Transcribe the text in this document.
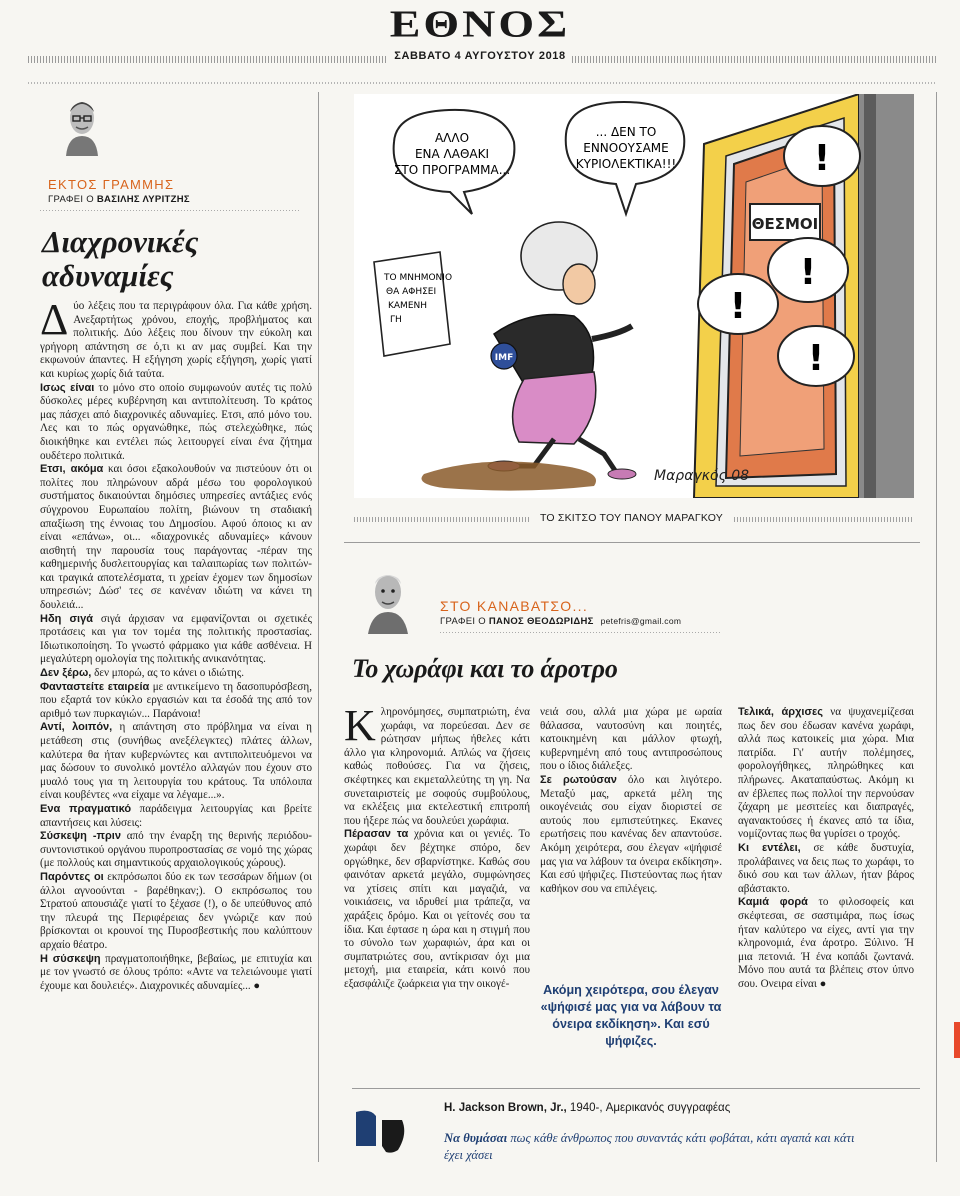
ΕΘΝΟΣ
ΣΑΒΒΑΤΟ 4 ΑΥΓΟΥΣΤΟΥ 2018
ΕΚΤΟΣ ΓΡΑΜΜΗΣ
ΓΡΑΦΕΙ Ο ΒΑΣΙΛΗΣ ΛΥΡΙΤΖΗΣ
Διαχρονικές αδυναμίες

Δύο λέξεις που τα περιγράφουν όλα. Για κάθε χρήση. Ανεξαρτήτως χρόνου, εποχής, προβλήματος και πολιτικής. Δύο λέξεις που δίνουν την εύκολη και γρήγορη απάντηση σε ό,τι κι αν μας συμβεί. Και την εκφωνούν άπαντες. Η εξήγηση χωρίς εξήγηση, χωρίς γιατί και κυρίως χωρίς διά ταύτα.

Ισως είναι το μόνο στο οποίο συμφωνούν αυτές τις πολύ δύσκολες μέρες κυβέρνηση και αντιπολίτευση. Το κράτος μας πάσχει από διαχρονικές αδυναμίες. Ετσι, από μόνο του. Λες και το πώς οργανώθηκε, πώς στελεχώθηκε, πώς διοικήθηκε και εντέλει πώς λειτουργεί είναι ένα ζήτημα ουδέτερο πολιτικά.

Ετσι, ακόμα και όσοι εξακολουθούν να πιστεύουν ότι οι πολίτες που πληρώνουν αδρά μέσω του φορολογικού συστήματος δικαιούνται δημόσιες υπηρεσίες αντάξιες ενός σύγχρονου Ευρωπαίου πολίτη, βιώνουν τη σταδιακή απαξίωση της έννοιας του Δημοσίου. Αφού όποιος κι αν είναι «επάνω», οι... «διαχρονικές αδυναμίες» κάνουν αισθητή την παρουσία τους παράγοντας -πέραν της καθημερινής δυσλειτουργίας και ταλαιπωρίας των πολιτών- και τραγικά αποτελέσματα, τι χρείαν έχομεν των δημοσίων υπηρεσιών; Δώσ' τες σε κανέναν ιδιώτη να κάνει τη δουλειά...

Ηδη σιγά σιγά άρχισαν να εμφανίζονται οι σχετικές προτάσεις και για τον τομέα της πολιτικής προστασίας. Ιδιωτικοποίηση. Το γνωστό φάρμακο για κάθε ασθένεια. Η μεγαλύτερη ομολογία της πολιτικής ανικανότητας.

Δεν ξέρω, δεν μπορώ, ας το κάνει ο ιδιώτης.

Φανταστείτε εταιρεία με αντικείμενο τη δασοπυρόσβεση, που εξαρτά τον κύκλο εργασιών και τα έσοδά της από τον αριθμό των πυρκαγιών... Παράνοια!

Αντί, λοιπόν, η απάντηση στο πρόβλημα να είναι η μετάθεση στις (συνήθως ανεξέλεγκτες) πλάτες άλλων, καλύτερα θα ήταν κυβερνώντες και αντιπολιτευόμενοι να μας δώσουν το συνολικό μοντέλο αλλαγών που έχουν στο μυαλό τους για τη λειτουργία του κράτους. Τα υπόλοιπα είναι κουβέντες «να είχαμε να λέγαμε...».

Ενα πραγματικό παράδειγμα λειτουργίας και βρείτε απαντήσεις και λύσεις:

Σύσκεψη -πριν από την έναρξη της θερινής περιόδου- συντονιστικού οργάνου πυροπροστασίας σε νομό της χώρας (με πολλούς και σημαντικούς αρχαιολογικούς χώρους).

Παρόντες οι εκπρόσωποι δύο εκ των τεσσάρων δήμων (οι άλλοι αγνοούνται - βαρέθηκαν;). Ο εκπρόσωπος του Στρατού απουσιάζε γιατί το ξέχασε (!), ο δε υπεύθυνος από την πλευρά της Περιφέρειας δεν γνώριζε καν πού βρίσκονται οι κρουνοί της Πυροσβεστικής που καλύπτουν αρχαίο θέατρο.

Η σύσκεψη πραγματοποιήθηκε, βεβαίως, με επιτυχία και με τον γνωστό σε όλους τρόπο: «Αντε να τελειώνουμε γιατί έχουμε και δουλειές». Διαχρονικές αδυναμίες... ●

ΘΕΣΜΟΙ
!
!
!
!
ΑΛΛΟ
ΕΝΑ ΛΑΘΑΚΙ
ΣΤΟ ΠΡΟΓΡΑΜΜΑ...
... ΔΕΝ ΤΟ
ΕΝΝΟΟΥΣΑΜΕ
ΚΥΡΙΟΛΕΚΤΙΚΑ!!!
ΤΟ ΜΝΗΜΟΝΙΟ
ΘΑ ΑΦΗΣΕΙ
ΚΑΜΕΝΗ
ΓΗ
IMF
Μαραγκός 08
ΤΟ ΣΚΙΤΣΟ ΤΟΥ ΠΑΝΟΥ ΜΑΡΑΓΚΟΥ
ΣΤΟ ΚΑΝΑΒΑΤΣΟ...
ΓΡΑΦΕΙ Ο ΠΑΝΟΣ ΘΕΟΔΩΡΙΔΗΣ petefris@gmail.com
Το χωράφι και το άροτρο

Κληρονόμησες, συμπατριώτη, ένα χωράφι, να πορεύεσαι. Δεν σε ρώτησαν μήπως ήθελες κάτι άλλο για κληρονομιά. Απλώς να ζήσεις καθώς ποθούσες. Για να ζήσεις, σκέφτηκες και εκμεταλλεύτης τη γη. Να συνεταιριστείς με σοφούς συμβούλους, να εκλέξεις μια εκτελεστική επιτροπή που ήξερε πώς να δουλεύει χωράφια.

Πέρασαν τα χρόνια και οι γενιές. Το χωράφι δεν βέχτηκε σπόρο, δεν οργώθηκε, δεν σβαρνίστηκε. Καθώς σου φαινόταν αρκετά μεγάλο, συμφώνησες να χτίσεις σπίτι και μαγαζιά, να νοικιάσεις, να ιδρυθεί μια τράπεζα, να χαράξεις δρόμο. Και οι γείτονές σου τα ίδια. Και έφτασε η ώρα και η στιγμή που το σύνολο των χωραφιών, άρα και οι συμπατριώτες σου, αντίκρισαν όχι μια μετοχή, μια εταιρεία, κάτι κοινό που εξασφάλιζε ζωάρκεια για την οικογέ-

νειά σου, αλλά μια χώρα με ωραία θάλασσα, ναυτοσύνη και ποιητές, κατοικημένη και μάλλον φτωχή, κυβερνημένη από τους αντιπροσώπους που ο ίδιος διάλεξες.

Σε ρωτούσαν όλο και λιγότερο. Μεταξύ μας, αρκετά μέλη της οικογένειάς σου είχαν διοριστεί σε αυτούς που εμπιστεύτηκες. Εκανες ερωτήσεις που κανένας δεν απαντούσε. Ακόμη χειρότερα, σου έλεγαν «ψήφισέ μας για να λάβουν τα όνειρα εκδίκηση». Και εσύ ψήφιζες. Πιστεύοντας πως ήταν καθήκον σου να επιλέγεις.

Ακόμη χειρότερα, σου έλεγαν «ψήφισέ μας για να λάβουν τα όνειρα εκδίκηση». Και εσύ ψήφιζες.

Τελικά, άρχισες να ψυχανεμίζεσαι πως δεν σου έδωσαν κανένα χωράφι, αλλά πως κατοικείς μια χώρα. Μια πατρίδα. Γι' αυτήν πολέμησες, φορολογήθηκες, πληρώθηκες και πλήρωνες. Ακαταπαύστως. Ακόμη κι αν έβλεπες πως πολλοί την περνούσαν ζάχαρη με μεσιτείες και διαπραγές, αγανακτούσες ή έκανες από τα ίδια, νομίζοντας πως θα γυρίσει ο τροχός.

Κι εντέλει, σε κάθε δυστυχία, προλάβαινες να δεις πως το χωράφι, το δικό σου και των άλλων, ήταν βάρος αβάστακτο.

Καμιά φορά το φιλοσοφείς και σκέφτεσαι, σε σαστιμάρα, πως ίσως ήταν καλύτερο να είχες, αντί για την κληρονομιά, ένα άροτρο. Ξύλινο. Ή μια πετονιά. Ή ένα κοπάδι ζωντανά. Μόνο που αυτά τα βλέπεις στον ύπνο σου. Ονειρα είναι ●

H. Jackson Brown, Jr., 1940-, Αμερικανός συγγραφέας
Να θυμάσαι πως κάθε άνθρωπος που συναντάς κάτι φοβάται, κάτι αγαπά και κάτι έχει χάσει
